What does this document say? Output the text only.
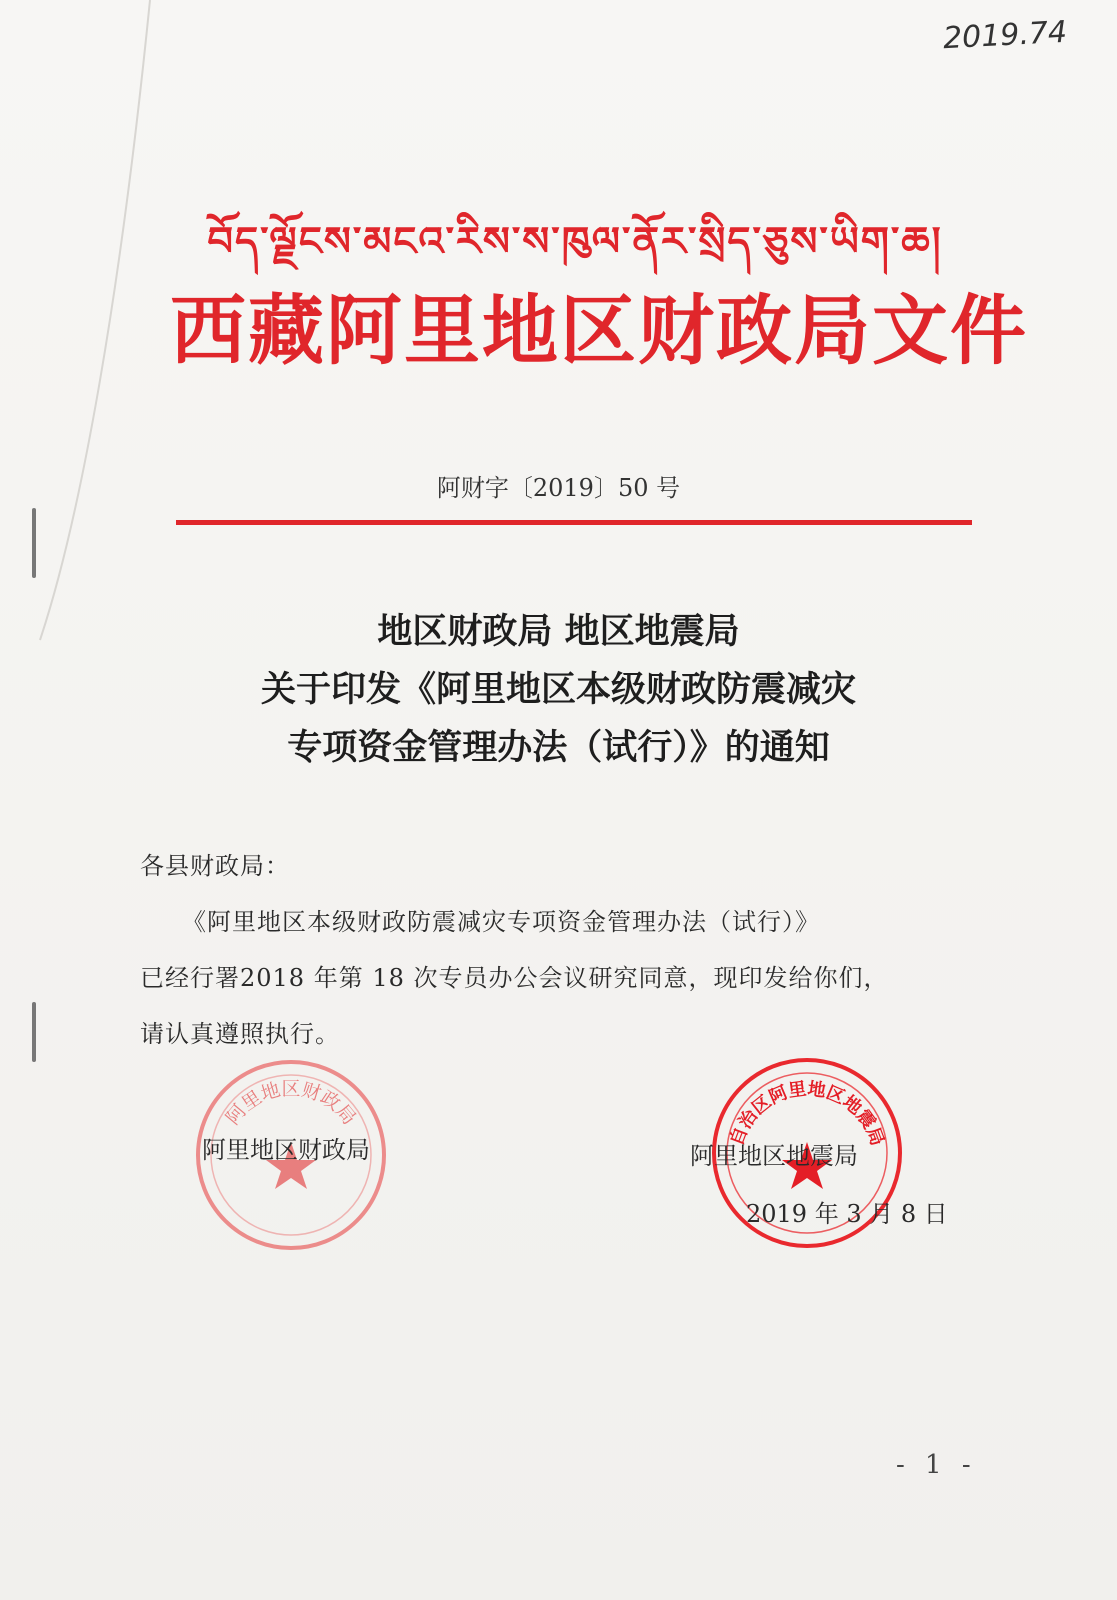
2019.74
བོད་ལྗོངས་མངའ་རིས་ས་ཁུལ་ནོར་སྲིད་ཅུས་ཡིག་ཆ།
西藏阿里地区财政局文件
阿财字〔2019〕50 号
地区财政局 地区地震局
关于印发《阿里地区本级财政防震减灾
专项资金管理办法（试行）》的通知
各县财政局：
《阿里地区本级财政防震减灾专项资金管理办法（试行）》
已经行署2018 年第 18 次专员办公会议研究同意，现印发给你们，
请认真遵照执行。
阿里地区财政局
自治区阿里地区地震局
阿里地区财政局	阿里地区地震局
2019 年 3 月 8 日
- 1 -
